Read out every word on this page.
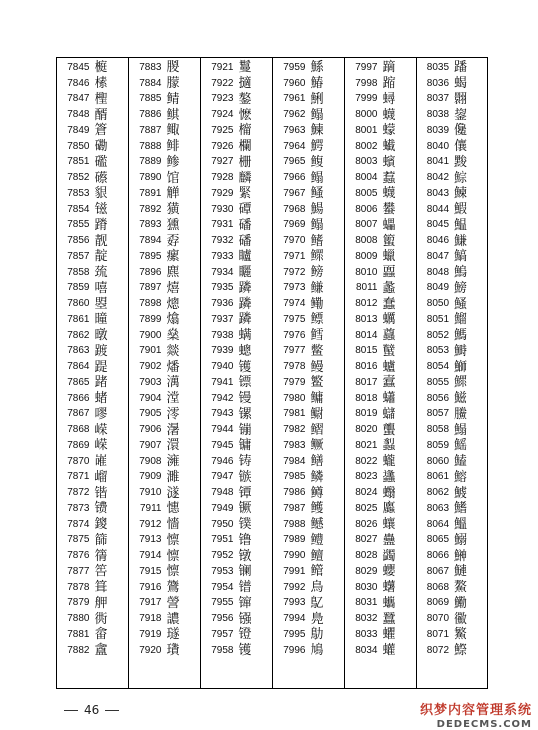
7845 榳
7846 榡
7847 檉
7848 醑
7849 篬
7850 磡
7851 礛
7852 礤
7853 貇
7854 镃
7855 蹐
7856 靓
7857 靛
7858 巯
7859 嘻
7860 曌
7861 曈
7862 暾
7863 踱
7864 踶
7865 踷
7866 蝫
7867 嘐
7868 嵘
7869 嵘
7870 嶉
7871 嵧
7872 锴
7873 镄
7874 鎫
7875 篩
7876 篟
7877 筶
7878 箿
7879 舺
7880 衖
7881 畲
7882 盦
7883 朡
7884 朦
7885 鲭
7886 鲯
7887 鲰
7888 鲱
7889 鲹
7890 馆
7891 觯
7892 獚
7893 獯
7894 孬
7895 瘰
7896 麃
7897 熺
7898 熜
7899 熻
7900 燊
7901 燚
7902 燔
7903 澫
7904 漟
7905 澪
7906 濐
7907 澴
7908 澭
7909 濉
7910 澻
7911 憓
7912 懎
7913 懔
7914 懔
7915 懔
7916 鷟
7917 謍
7918 譨
7919 璲
7920 璳
7921 鬘
7922 擿
7923 鏊
7924 懡
7925 橣
7926 欄
7927 栅
7928 麟
7929 緊
7930 磹
7931 磻
7932 磻
7933 矑
7934 矖
7935 蹸
7936 蹸
7937 蹸
7938 螨
7939 蟌
7940 镬
7941 镖
7942 镘
7943 镙
7944 镚
7945 镛
7946 铸
7947 镞
7948 镡
7949 镢
7950 镤
7951 镥
7952 镦
7953 镧
7954 镨
7955 镩
7956 镪
7957 镫
7958 镬
7959 鯀
7960 鰆
7961 鯏
7962 鳎
7963 鰊
7964 鰐
7965 鳆
7966 鳎
7967 鳋
7968 鰑
7969 鳎
7970 鳍
7971 鳏
7972 鳑
7973 鳒
7974 鳓
7975 鳔
7976 鳕
7977 鳖
7978 鳗
7979 鳘
7980 鳙
7981 鳚
7982 鳛
7983 鳜
7984 鳝
7985 鳞
7986 鳟
7987 鳠
7988 鳡
7989 鳢
7990 鳣
7991 鳤
7992 鳥
7993 鳦
7994 鳧
7995 鳨
7996 鳩
7997 蹢
7998 蹜
7999 蟳
8000 蠛
8001 蠓
8002 蠘
8003 蠙
8004 蠚
8005 蠛
8006 蠜
8007 蠝
8008 蠞
8009 蠟
8010 蠠
8011 蠡
8012 蠢
8013 蠣
8014 蠤
8015 蠥
8016 蠦
8017 蠧
8018 蠨
8019 蠩
8020 蠪
8021 蠫
8022 蠬
8023 蠭
8024 蠮
8025 蠯
8026 蠰
8027 蠱
8028 蠲
8029 蠳
8030 蠴
8031 蠵
8032 蠶
8033 蠷
8034 蠸
8035 蹯
8036 蝎
8037 翾
8038 鋆
8039 儳
8040 儴
8041 黢
8042 鯮
8043 鰊
8044 鰕
8045 鰛
8046 鰜
8047 鰝
8048 鰞
8049 鰟
8050 鰠
8051 鰡
8052 鰢
8053 鰣
8054 鰤
8055 鰥
8056 鰦
8057 鰧
8058 鰨
8059 鰩
8060 鰪
8061 鰫
8062 鰬
8063 鰭
8064 鰮
8065 鰯
8066 鰰
8067 鰱
8068 鰲
8069 鰳
8070 鰴
8071 鰵
8072 鰶
46	织梦内容管理系统
DEDECMS.COM
